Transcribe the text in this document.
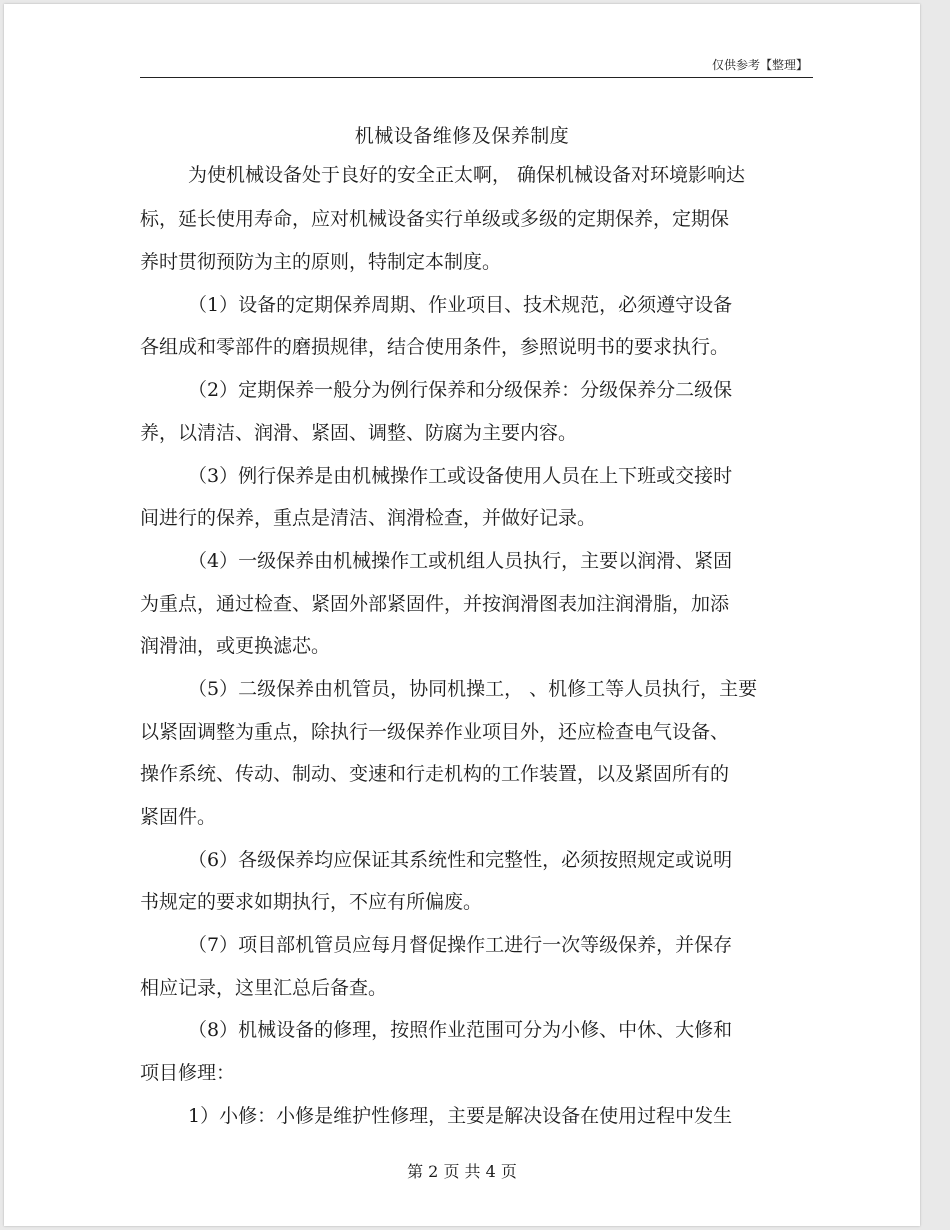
仅供参考【整理】
机械设备维修及保养制度
为使机械设备处于良好的安全正太啊， 确保机械设备对环境影响达
标，延长使用寿命，应对机械设备实行单级或多级的定期保养，定期保
养时贯彻预防为主的原则，特制定本制度。
（1）设备的定期保养周期、作业项目、技术规范，必须遵守设备
各组成和零部件的磨损规律，结合使用条件，参照说明书的要求执行。
（2）定期保养一般分为例行保养和分级保养：分级保养分二级保
养，以清洁、润滑、紧固、调整、防腐为主要内容。
（3）例行保养是由机械操作工或设备使用人员在上下班或交接时
间进行的保养，重点是清洁、润滑检查，并做好记录。
（4）一级保养由机械操作工或机组人员执行，主要以润滑、紧固
为重点，通过检查、紧固外部紧固件，并按润滑图表加注润滑脂，加添
润滑油，或更换滤芯。
（5）二级保养由机管员，协同机操工， 、机修工等人员执行，主要
以紧固调整为重点，除执行一级保养作业项目外，还应检查电气设备、
操作系统、传动、制动、变速和行走机构的工作装置，以及紧固所有的
紧固件。
（6）各级保养均应保证其系统性和完整性，必须按照规定或说明
书规定的要求如期执行，不应有所偏废。
（7）项目部机管员应每月督促操作工进行一次等级保养，并保存
相应记录，这里汇总后备查。
（8）机械设备的修理，按照作业范围可分为小修、中休、大修和
项目修理：
1）小修：小修是维护性修理，主要是解决设备在使用过程中发生
第 2 页 共 4 页
